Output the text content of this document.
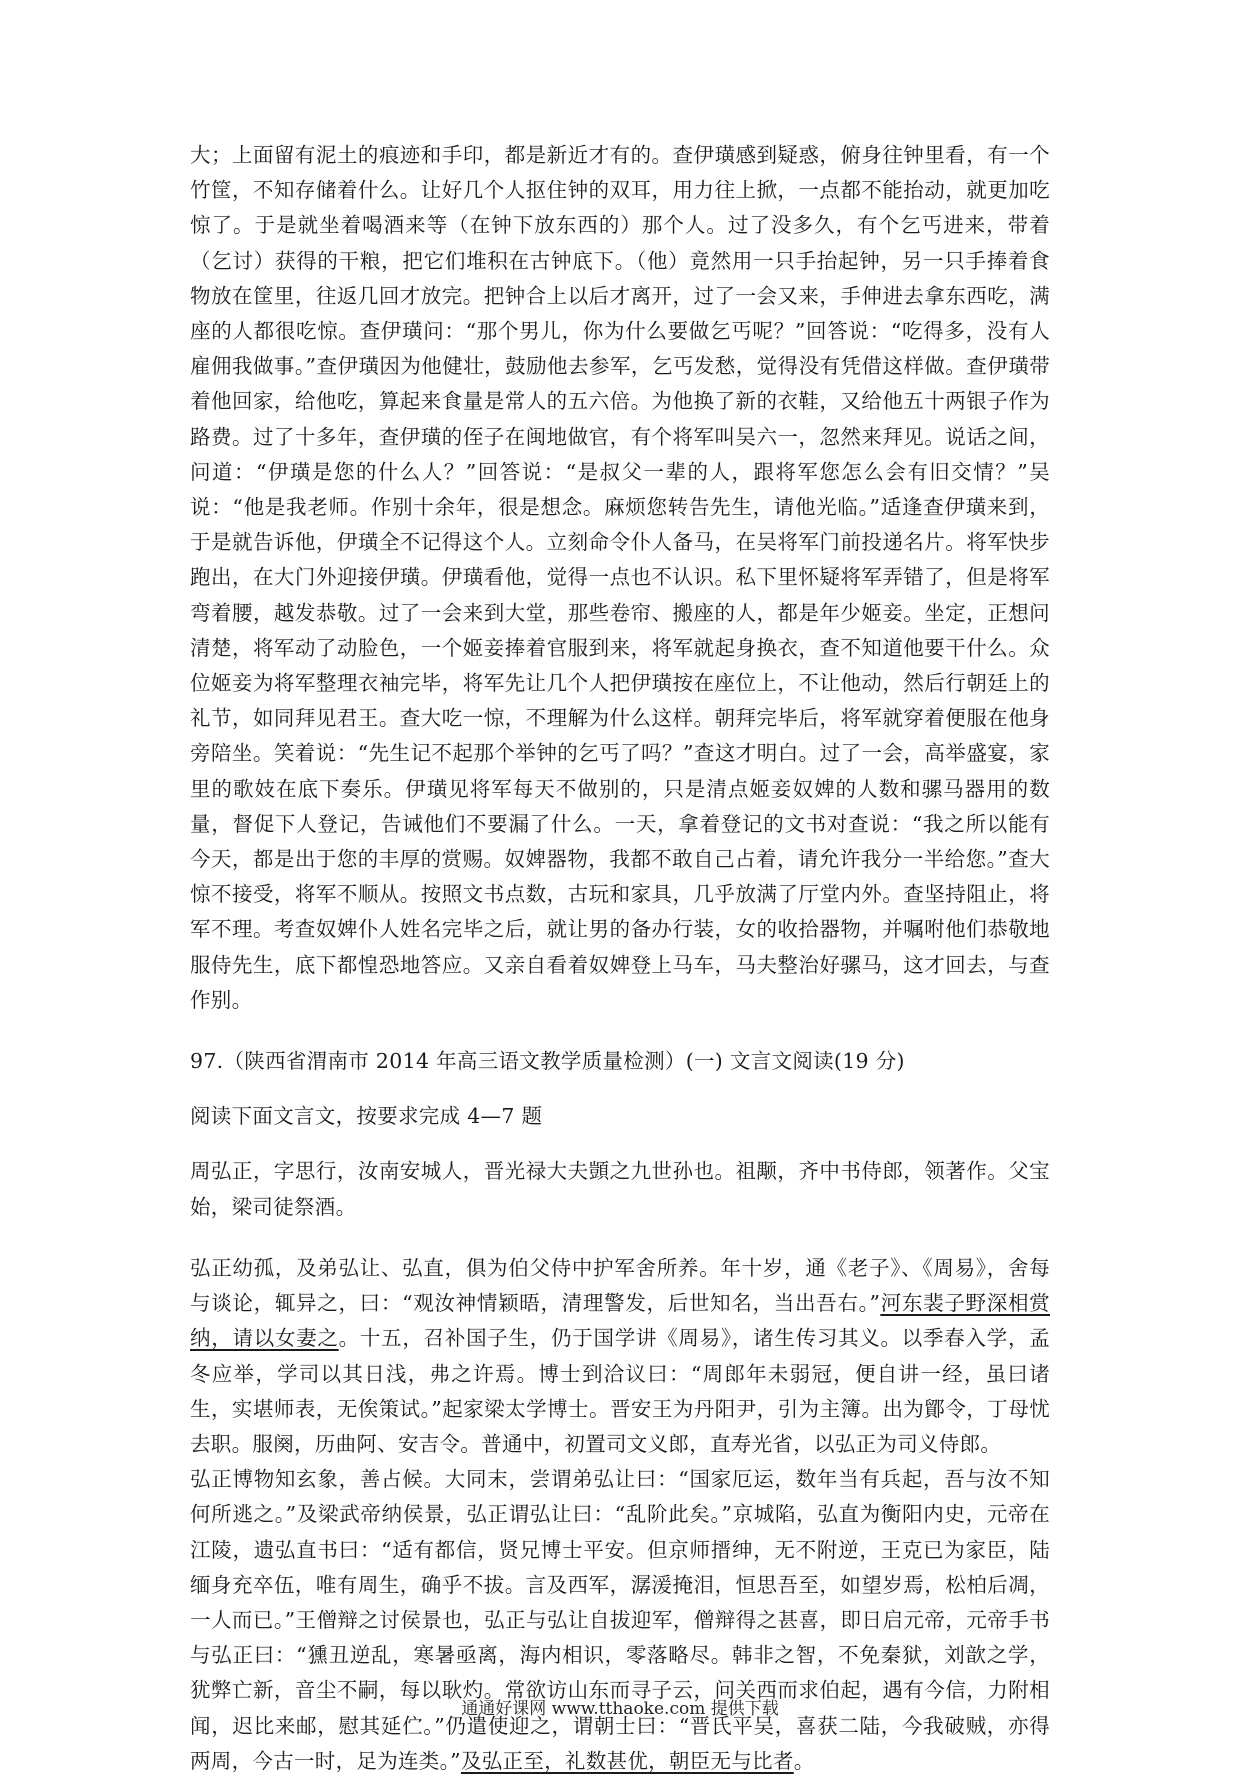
大；上面留有泥土的痕迹和手印，都是新近才有的。查伊璜感到疑惑，俯身往钟里看，有一个竹筐，不知存储着什么。让好几个人抠住钟的双耳，用力往上掀，一点都不能抬动，就更加吃惊了。于是就坐着喝酒来等（在钟下放东西的）那个人。过了没多久，有个乞丐进来，带着（乞讨）获得的干粮，把它们堆积在古钟底下。（他）竟然用一只手抬起钟，另一只手捧着食物放在筐里，往返几回才放完。把钟合上以后才离开，过了一会又来，手伸进去拿东西吃，满座的人都很吃惊。查伊璜问：“那个男儿，你为什么要做乞丐呢？”回答说：“吃得多，没有人雇佣我做事。”查伊璜因为他健壮，鼓励他去参军，乞丐发愁，觉得没有凭借这样做。查伊璜带着他回家，给他吃，算起来食量是常人的五六倍。为他换了新的衣鞋，又给他五十两银子作为路费。过了十多年，查伊璜的侄子在闽地做官，有个将军叫吴六一，忽然来拜见。说话之间，问道：“伊璜是您的什么人？”回答说：“是叔父一辈的人，跟将军您怎么会有旧交情？”吴说：“他是我老师。作别十余年，很是想念。麻烦您转告先生，请他光临。”适逢查伊璜来到，于是就告诉他，伊璜全不记得这个人。立刻命令仆人备马，在吴将军门前投递名片。将军快步跑出，在大门外迎接伊璜。伊璜看他，觉得一点也不认识。私下里怀疑将军弄错了，但是将军弯着腰，越发恭敬。过了一会来到大堂，那些卷帘、搬座的人，都是年少姬妾。坐定，正想问清楚，将军动了动脸色，一个姬妾捧着官服到来，将军就起身换衣，查不知道他要干什么。众位姬妾为将军整理衣袖完毕，将军先让几个人把伊璜按在座位上，不让他动，然后行朝廷上的礼节，如同拜见君王。查大吃一惊，不理解为什么这样。朝拜完毕后，将军就穿着便服在他身旁陪坐。笑着说：“先生记不起那个举钟的乞丐了吗？”查这才明白。过了一会，高举盛宴，家里的歌妓在底下奏乐。伊璜见将军每天不做别的，只是清点姬妾奴婢的人数和骡马器用的数量，督促下人登记，告诫他们不要漏了什么。一天，拿着登记的文书对查说：“我之所以能有今天，都是出于您的丰厚的赏赐。奴婢器物，我都不敢自己占着，请允许我分一半给您。”查大惊不接受，将军不顺从。按照文书点数，古玩和家具，几乎放满了厅堂内外。查坚持阻止，将军不理。考查奴婢仆人姓名完毕之后，就让男的备办行装，女的收拾器物，并嘱咐他们恭敬地服侍先生，底下都惶恐地答应。又亲自看着奴婢登上马车，马夫整治好骡马，这才回去，与查作别。

97.（陕西省渭南市 2014 年高三语文教学质量检测）(一) 文言文阅读(19 分)

阅读下面文言文，按要求完成 4—7 题

周弘正，字思行，汝南安城人，晋光禄大夫顗之九世孙也。祖颙，齐中书侍郎，领著作。父宝始，梁司徒祭酒。

弘正幼孤，及弟弘让、弘直，俱为伯父侍中护军舍所养。年十岁，通《老子》、《周易》，舍每与谈论，辄异之，曰：“观汝神情颖晤，清理警发，后世知名，当出吾右。”河东裴子野深相赏纳，请以女妻之。十五，召补国子生，仍于国学讲《周易》，诸生传习其义。以季春入学，孟冬应举，学司以其日浅，弗之许焉。博士到洽议曰：“周郎年未弱冠，便自讲一经，虽曰诸生，实堪师表，无俟策试。”起家梁太学博士。晋安王为丹阳尹，引为主簿。出为鄮令，丁母忧去职。服阕，历曲阿、安吉令。普通中，初置司文义郎，直寿光省，以弘正为司义侍郎。

弘正博物知玄象，善占候。大同末，尝谓弟弘让曰：“国家厄运，数年当有兵起，吾与汝不知何所逃之。”及梁武帝纳侯景，弘正谓弘让曰：“乱阶此矣。”京城陷，弘直为衡阳内史，元帝在江陵，遗弘直书曰：“适有都信，贤兄博士平安。但京师搢绅，无不附逆，王克已为家臣，陆缅身充卒伍，唯有周生，确乎不拔。言及西军，潺湲掩泪，恒思吾至，如望岁焉，松柏后凋，一人而已。”王僧辩之讨侯景也，弘正与弘让自拔迎军，僧辩得之甚喜，即日启元帝，元帝手书与弘正曰：“獯丑逆乱，寒暑亟离，海内相识，零落略尽。韩非之智，不免秦狱，刘歆之学，犹弊亡新，音尘不嗣，每以耿灼。常欲访山东而寻子云，问关西而求伯起，遇有今信，力附相闻，迟比来邮，慰其延伫。”仍遣使迎之，谓朝士曰：“晋氏平吴，喜获二陆，今我破贼，亦得两周，今古一时，足为连类。”及弘正至，礼数甚优，朝臣无与比者。

通通好课网 www.tthaoke.com 提供下载
